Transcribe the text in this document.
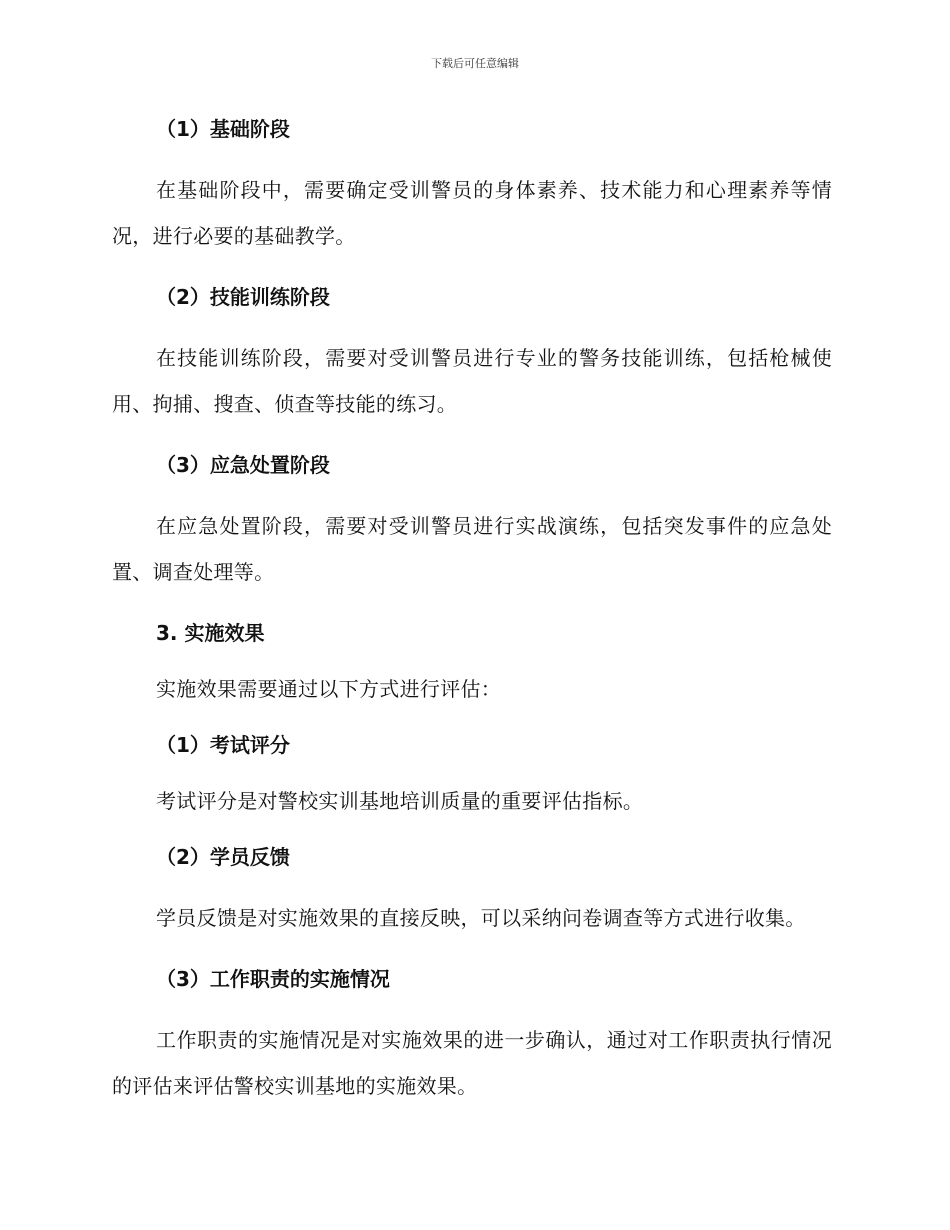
下载后可任意编辑
（1）基础阶段

在基础阶段中，需要确定受训警员的身体素养、技术能力和心理素养等情况，进行必要的基础教学。

（2）技能训练阶段

在技能训练阶段，需要对受训警员进行专业的警务技能训练，包括枪械使用、拘捕、搜查、侦查等技能的练习。

（3）应急处置阶段

在应急处置阶段，需要对受训警员进行实战演练，包括突发事件的应急处置、调查处理等。

3. 实施效果

实施效果需要通过以下方式进行评估：

（1）考试评分

考试评分是对警校实训基地培训质量的重要评估指标。

（2）学员反馈

学员反馈是对实施效果的直接反映，可以采纳问卷调查等方式进行收集。

（3）工作职责的实施情况

工作职责的实施情况是对实施效果的进一步确认，通过对工作职责执行情况的评估来评估警校实训基地的实施效果。
